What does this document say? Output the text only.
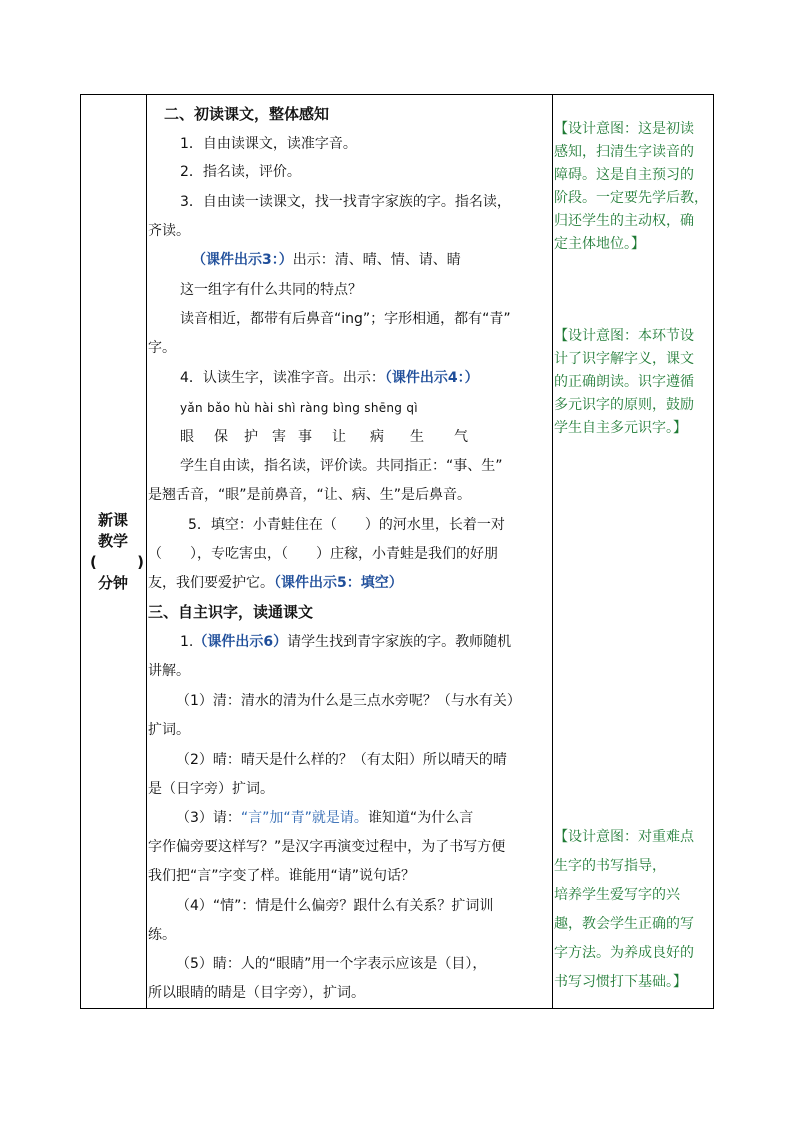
新课
教学
(	)
分钟
二、初读课文，整体感知
1．自由读课文，读准字音。
2．指名读，评价。
3．自由读一读课文，找一找青字家族的字。指名读，
齐读。
（课件出示3：）出示：清、晴、情、请、睛
这一组字有什么共同的特点？
读音相近，都带有后鼻音“ing”；字形相通，都有“青”
字。
4．认读生字，读准字音。出示：（课件出示4：）
yǎn bǎo hù hài shì ràng bìng shēng qì
眼 保 护 害 事 让 病 生 气
学生自由读，指名读，评价读。共同指正：“事、生”
是翘舌音，“眼”是前鼻音，“让、病、生”是后鼻音。
5．填空：小青蛙住在（　　）的河水里，长着一对
（　　），专吃害虫，（　　）庄稼，小青蛙是我们的好朋
友，我们要爱护它。（课件出示5：填空）
三、自主识字，读通课文
1.（课件出示6）请学生找到青字家族的字。教师随机
讲解。
（1）清：清水的清为什么是三点水旁呢？（与水有关）
扩词。
（2）晴：晴天是什么样的？（有太阳）所以晴天的晴
是（日字旁）扩词。
（3）请：“言”加“青”就是请。谁知道“为什么言
字作偏旁要这样写？”是汉字再演变过程中，为了书写方便
我们把“言”字变了样。谁能用“请”说句话？
（4）“情”：情是什么偏旁？跟什么有关系？扩词训
练。
（5）睛：人的“眼睛”用一个字表示应该是（目），
所以眼睛的睛是（目字旁），扩词。
【设计意图：这是初读
感知，扫清生字读音的
障碍。这是自主预习的
阶段。一定要先学后教，
归还学生的主动权，确
定主体地位。】
【设计意图：本环节设
计了识字解字义，课文
的正确朗读。识字遵循
多元识字的原则，鼓励
学生自主多元识字。】
【设计意图：对重难点
生字的书写指导，
培养学生爱写字的兴
趣，教会学生正确的写
字方法。为养成良好的
书写习惯打下基础。】
